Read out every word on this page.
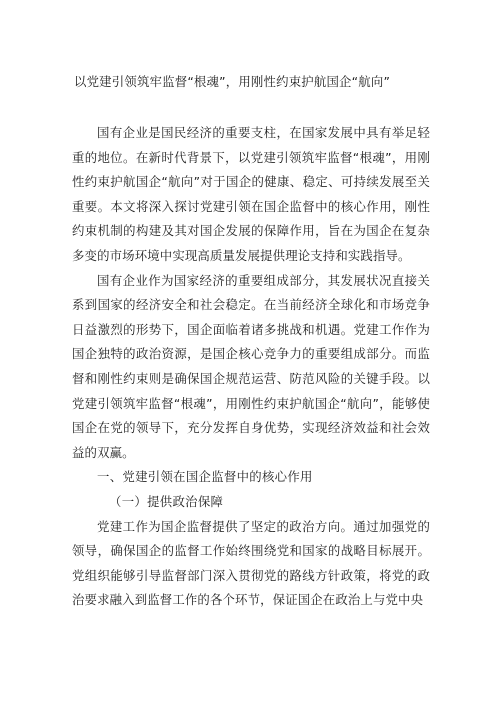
以党建引领筑牢监督“根魂”，用刚性约束护航国企“航向”

国有企业是国民经济的重要支柱，在国家发展中具有举足轻重的地位。在新时代背景下，以党建引领筑牢监督“根魂”，用刚性约束护航国企“航向”对于国企的健康、稳定、可持续发展至关重要。本文将深入探讨党建引领在国企监督中的核心作用，刚性约束机制的构建及其对国企发展的保障作用，旨在为国企在复杂多变的市场环境中实现高质量发展提供理论支持和实践指导。

国有企业作为国家经济的重要组成部分，其发展状况直接关系到国家的经济安全和社会稳定。在当前经济全球化和市场竞争日益激烈的形势下，国企面临着诸多挑战和机遇。党建工作作为国企独特的政治资源，是国企核心竞争力的重要组成部分。而监督和刚性约束则是确保国企规范运营、防范风险的关键手段。以党建引领筑牢监督“根魂”，用刚性约束护航国企“航向”，能够使国企在党的领导下，充分发挥自身优势，实现经济效益和社会效益的双赢。

一、党建引领在国企监督中的核心作用

（一）提供政治保障

党建工作为国企监督提供了坚定的政治方向。通过加强党的领导，确保国企的监督工作始终围绕党和国家的战略目标展开。党组织能够引导监督部门深入贯彻党的路线方针政策，将党的政治要求融入到监督工作的各个环节，保证国企在政治上与党中央
